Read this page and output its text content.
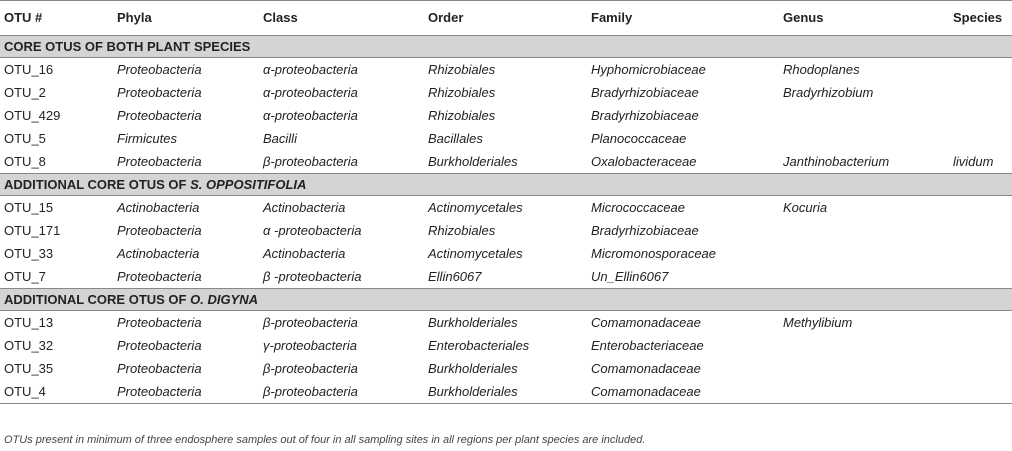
OTU #	Phyla	Class	Order	Family	Genus	Species
CORE OTUS OF BOTH PLANT SPECIES						
OTU_16	Proteobacteria	α-proteobacteria	Rhizobiales	Hyphomicrobiaceae	Rhodoplanes	
OTU_2	Proteobacteria	α-proteobacteria	Rhizobiales	Bradyrhizobiaceae	Bradyrhizobium	
OTU_429	Proteobacteria	α-proteobacteria	Rhizobiales	Bradyrhizobiaceae		
OTU_5	Firmicutes	Bacilli	Bacillales	Planococcaceae		
OTU_8	Proteobacteria	β-proteobacteria	Burkholderiales	Oxalobacteraceae	Janthinobacterium	lividum
ADDITIONAL CORE OTUS OF S. OPPOSITIFOLIA						
OTU_15	Actinobacteria	Actinobacteria	Actinomycetales	Micrococcaceae	Kocuria	
OTU_171	Proteobacteria	α -proteobacteria	Rhizobiales	Bradyrhizobiaceae		
OTU_33	Actinobacteria	Actinobacteria	Actinomycetales	Micromonosporaceae		
OTU_7	Proteobacteria	β -proteobacteria	Ellin6067	Un_Ellin6067		
ADDITIONAL CORE OTUS OF O. DIGYNA						
OTU_13	Proteobacteria	β-proteobacteria	Burkholderiales	Comamonadaceae	Methylibium	
OTU_32	Proteobacteria	γ-proteobacteria	Enterobacteriales	Enterobacteriaceae		
OTU_35	Proteobacteria	β-proteobacteria	Burkholderiales	Comamonadaceae		
OTU_4	Proteobacteria	β-proteobacteria	Burkholderiales	Comamonadaceae		
OTUs present in minimum of three endosphere samples out of four in all sampling sites in all regions per plant species are included.
